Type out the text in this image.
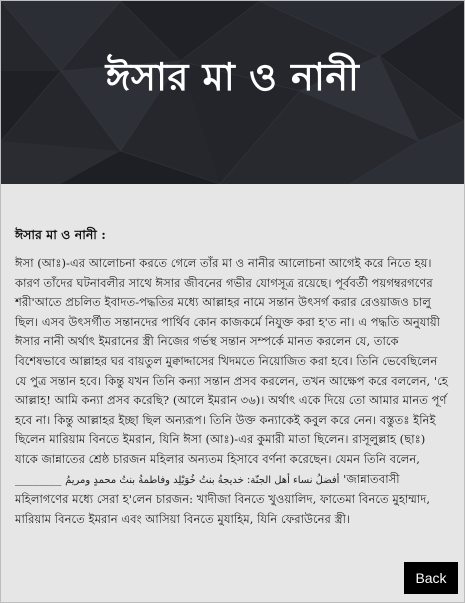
ঈসার মা ও নানী
ঈসার মা ও নানী :

ঈসা (আঃ)-এর আলোচনা করতে গেলে তাঁর মা ও নানীর আলোচনা আগেই করে নিতে হয়। কারণ তাঁদের ঘটনাবলীর সাথে ঈসার জীবনের গভীর যোগসূত্র রয়েছে। পূর্ববর্তী পয়গম্বরগণের শরী'আতে প্রচলিত ইবাদত-পদ্ধতির মধ্যে আল্লাহর নামে সন্তান উৎসর্গ করার রেওয়াজও চালু ছিল। এসব উৎসর্গীত সন্তানদের পার্থিব কোন কাজকর্মে নিযুক্ত করা হ'ত না। এ পদ্ধতি অনুযায়ী ঈসার নানী অর্থাৎ ইমরানের স্ত্রী নিজের গর্ভস্থ সন্তান সম্পর্কে মানত করলেন যে, তাকে বিশেষভাবে আল্লাহর ঘর বায়তুল মুক্বাদ্দাসের খিদমতে নিয়োজিত করা হবে। তিনি ভেবেছিলেন যে পুত্র সন্তান হবে। কিন্তু যখন তিনি কন্যা সন্তান প্রসব করলেন, তখন আক্ষেপ করে বললেন, 'হে আল্লাহ! আমি কন্যা প্রসব করেছি? (আলে ইমরান ৩৬)। অর্থাৎ একে দিয়ে তো আমার মানত পূর্ণ হবে না। কিন্তু আল্লাহর ইচ্ছা ছিল অন্যরূপ। তিনি উক্ত কন্যাকেই কবুল করে নেন। বস্তুতঃ ইনিই ছিলেন মারিয়াম বিনতে ইমরান, যিনি ঈসা (আঃ)-এর কুমারী মাতা ছিলেন। রাসূলুল্লাহ (ছাঃ) যাকে জান্নাতের শ্রেষ্ঠ চারজন মহিলার অন্যতম হিসাবে বর্ণনা করেছেন। যেমন তিনি বলেন, ________ أفضلُ نساء أهل الجنّة: خديجةُ بنتُ خُوَيْلِد وفاطمةُ بنتُ محمدٍ ومريمُ 'জান্নাতবাসী মহিলাগণের মধ্যে সেরা হ'লেন চারজন: খাদীজা বিনতে খুওয়ালিদ, ফাতেমা বিনতে মুহাম্মাদ, মারিয়াম বিনতে ইমরান এবং আসিয়া বিনতে মুযাহিম, যিনি ফেরাউনের স্ত্রী।

Back
